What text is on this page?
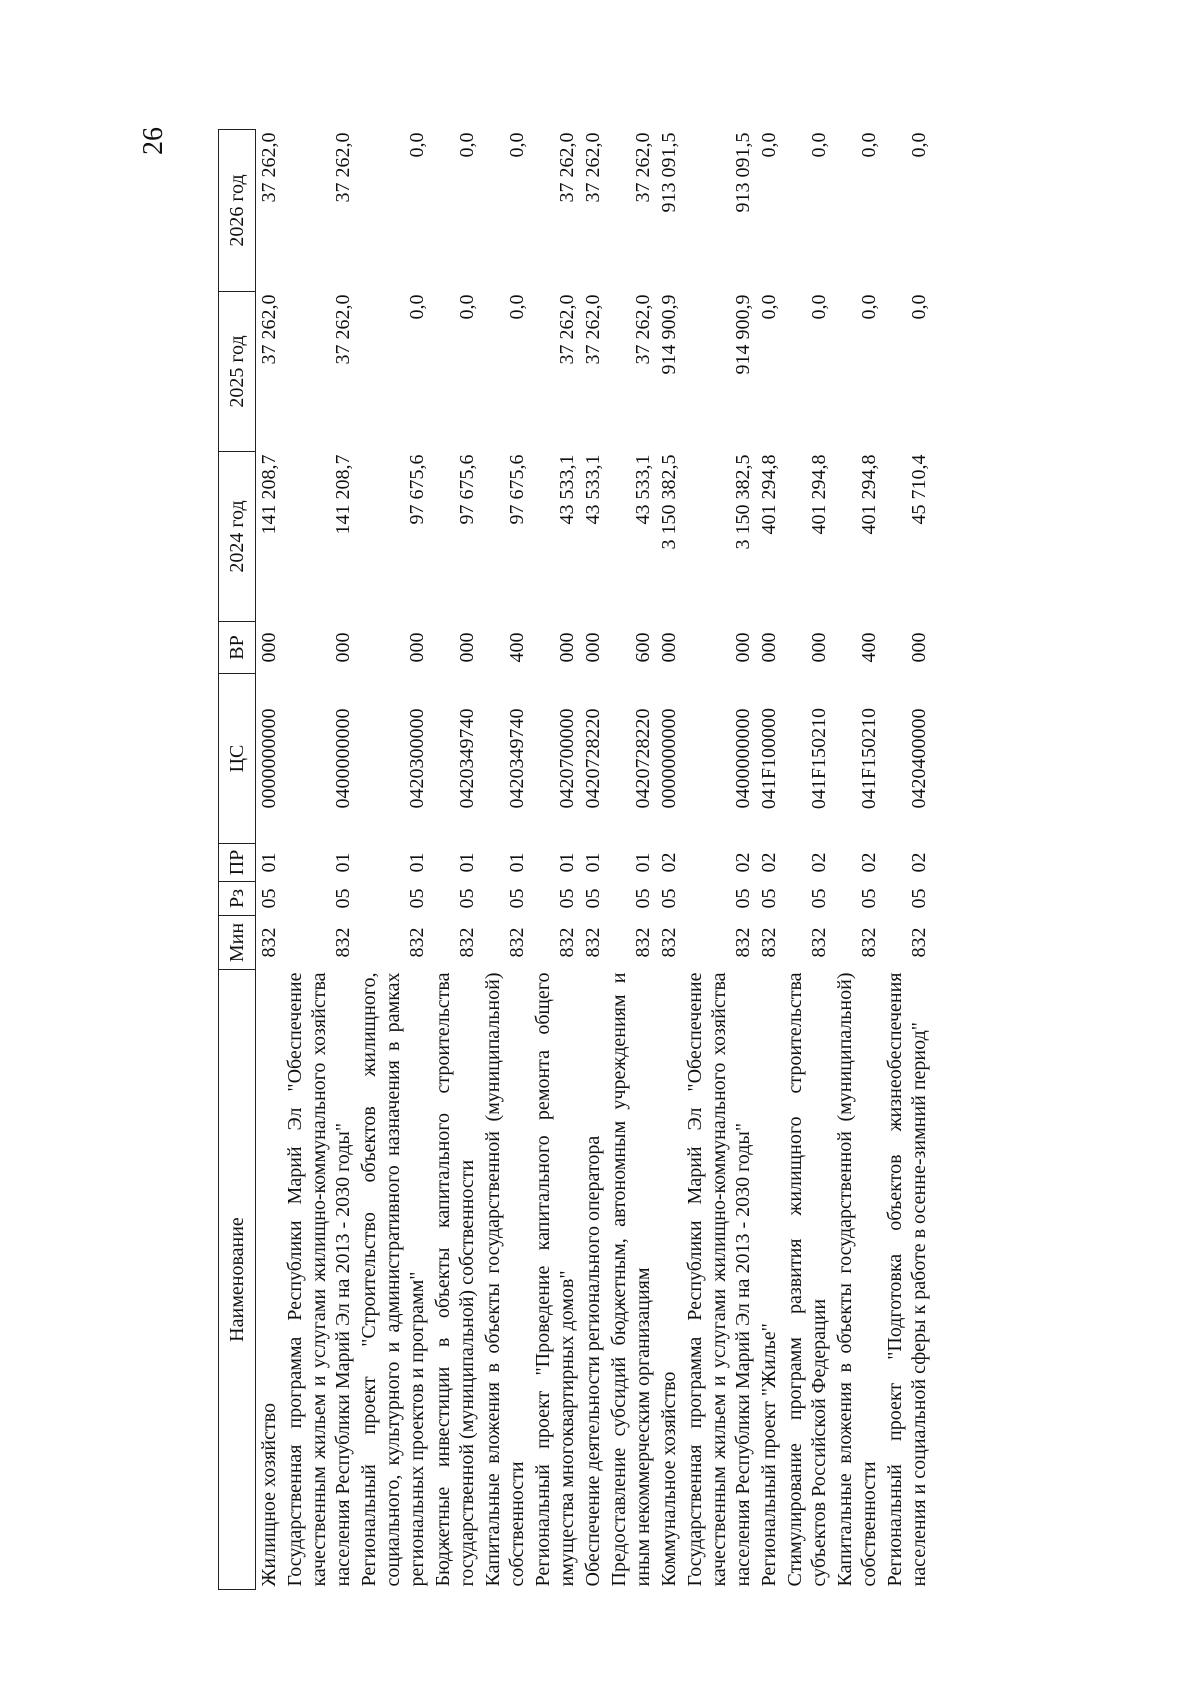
26
Наименование	Мин	Рз	ПР	ЦС	ВР	2024 год	2025 год	2026 год
Жилищное хозяйство	832	05	01	0000000000	000	141 208,7	37 262,0	37 262,0
Государственная программа Республики Марий Эл "Обеспечение качественным жильем и услугами жилищно-коммунального хозяйства населения Республики Марий Эл на 2013 - 2030 годы"	832	05	01	0400000000	000	141 208,7	37 262,0	37 262,0
Региональный проект "Строительство объектов жилищного, социального, культурного и административного назначения в рамках региональных проектов и программ"	832	05	01	0420300000	000	97 675,6	0,0	0,0
Бюджетные инвестиции в объекты капитального строительства государственной (муниципальной) собственности	832	05	01	0420349740	000	97 675,6	0,0	0,0
Капитальные вложения в объекты государственной (муниципальной) собственности	832	05	01	0420349740	400	97 675,6	0,0	0,0
Региональный проект "Проведение капитального ремонта общего имущества многоквартирных домов"	832	05	01	0420700000	000	43 533,1	37 262,0	37 262,0
Обеспечение деятельности регионального оператора	832	05	01	0420728220	000	43 533,1	37 262,0	37 262,0
Предоставление субсидий бюджетным, автономным учреждениям и иным некоммерческим организациям	832	05	01	0420728220	600	43 533,1	37 262,0	37 262,0
Коммунальное хозяйство	832	05	02	0000000000	000	3 150 382,5	914 900,9	913 091,5
Государственная программа Республики Марий Эл "Обеспечение качественным жильем и услугами жилищно-коммунального хозяйства населения Республики Марий Эл на 2013 - 2030 годы"	832	05	02	0400000000	000	3 150 382,5	914 900,9	913 091,5
Региональный проект "Жилье"	832	05	02	041F100000	000	401 294,8	0,0	0,0
Стимулирование программ развития жилищного строительства субъектов Российской Федерации	832	05	02	041F150210	000	401 294,8	0,0	0,0
Капитальные вложения в объекты государственной (муниципальной) собственности	832	05	02	041F150210	400	401 294,8	0,0	0,0
Региональный проект "Подготовка объектов жизнеобеспечения населения и социальной сферы к работе в осенне-зимний период"	832	05	02	0420400000	000	45 710,4	0,0	0,0
